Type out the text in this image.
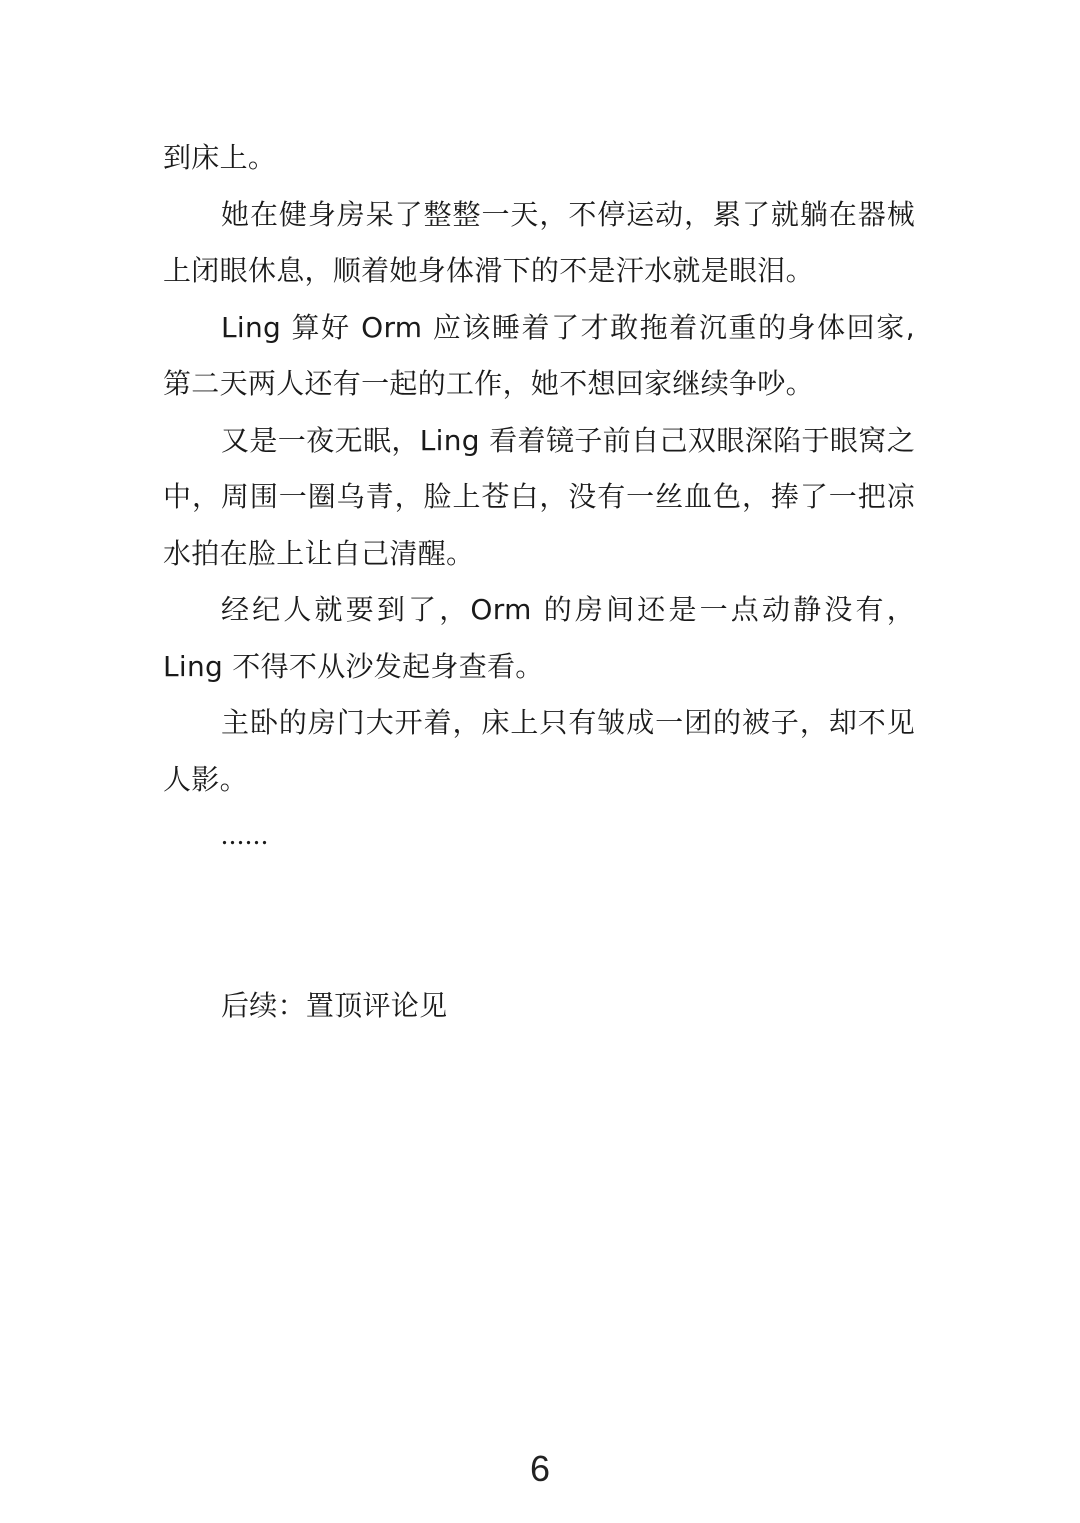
到床上。

她在健身房呆了整整一天，不停运动，累了就躺在器械上闭眼休息，顺着她身体滑下的不是汗水就是眼泪。

Ling 算好 Orm 应该睡着了才敢拖着沉重的身体回家,第二天两人还有一起的工作，她不想回家继续争吵。

又是一夜无眠，Ling 看着镜子前自己双眼深陷于眼窝之中，周围一圈乌青，脸上苍白，没有一丝血色，捧了一把凉水拍在脸上让自己清醒。

经纪人就要到了，Orm 的房间还是一点动静没有，Ling 不得不从沙发起身查看。

主卧的房门大开着，床上只有皱成一团的被子，却不见人影。

......

后续：置顶评论见

6
